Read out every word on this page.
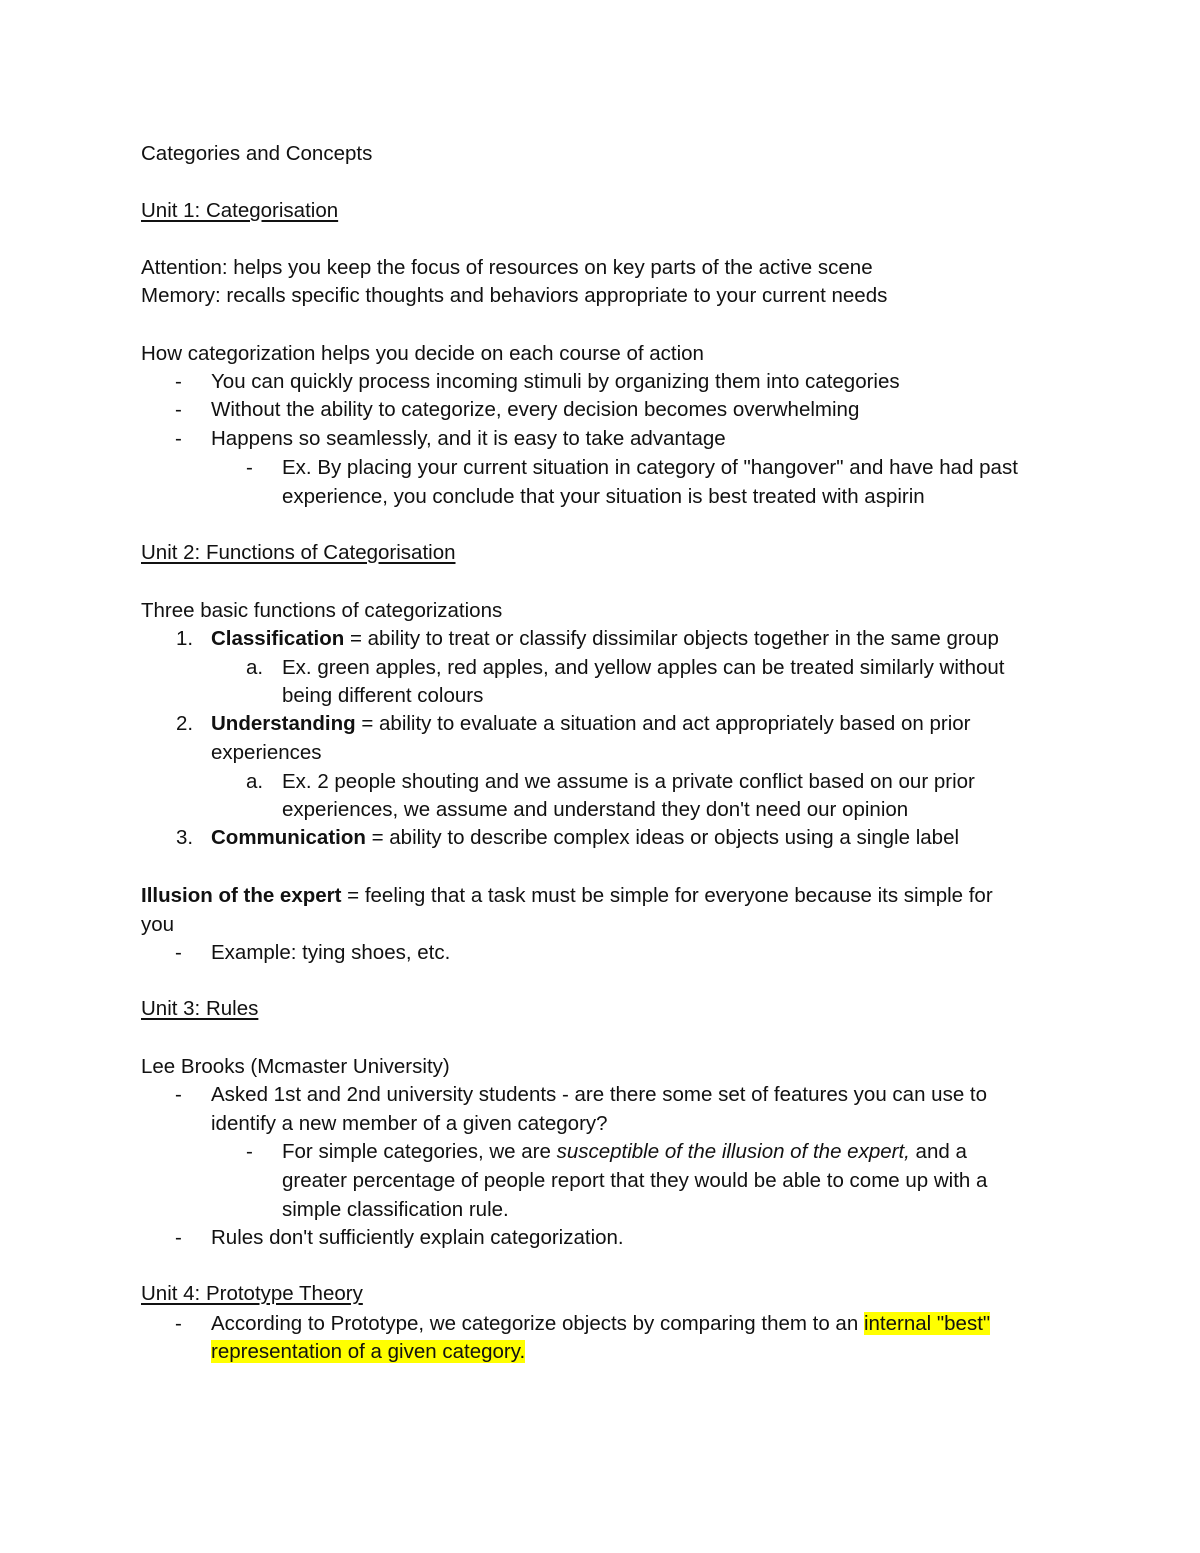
Categories and Concepts
Unit 1: Categorisation
Attention: helps you keep the focus of resources on key parts of the active scene
Memory: recalls specific thoughts and behaviors appropriate to your current needs
How categorization helps you decide on each course of action
- You can quickly process incoming stimuli by organizing them into categories
- Without the ability to categorize, every decision becomes overwhelming
- Happens so seamlessly, and it is easy to take advantage
- Ex. By placing your current situation in category of "hangover" and have had past
experience, you conclude that your situation is best treated with aspirin
Unit 2: Functions of Categorisation
Three basic functions of categorizations
1. Classification = ability to treat or classify dissimilar objects together in the same group
a. Ex. green apples, red apples, and yellow apples can be treated similarly without
being different colours
2. Understanding = ability to evaluate a situation and act appropriately based on prior
experiences
a. Ex. 2 people shouting and we assume is a private conflict based on our prior
experiences, we assume and understand they don't need our opinion
3. Communication = ability to describe complex ideas or objects using a single label
Illusion of the expert = feeling that a task must be simple for everyone because its simple for
you
- Example: tying shoes, etc.
Unit 3: Rules
Lee Brooks (Mcmaster University)
- Asked 1st and 2nd university students - are there some set of features you can use to
identify a new member of a given category?
- For simple categories, we are susceptible of the illusion of the expert, and a
greater percentage of people report that they would be able to come up with a
simple classification rule.
- Rules don't sufficiently explain categorization.
Unit 4: Prototype Theory
- According to Prototype, we categorize objects by comparing them to an internal "best"
representation of a given category.
